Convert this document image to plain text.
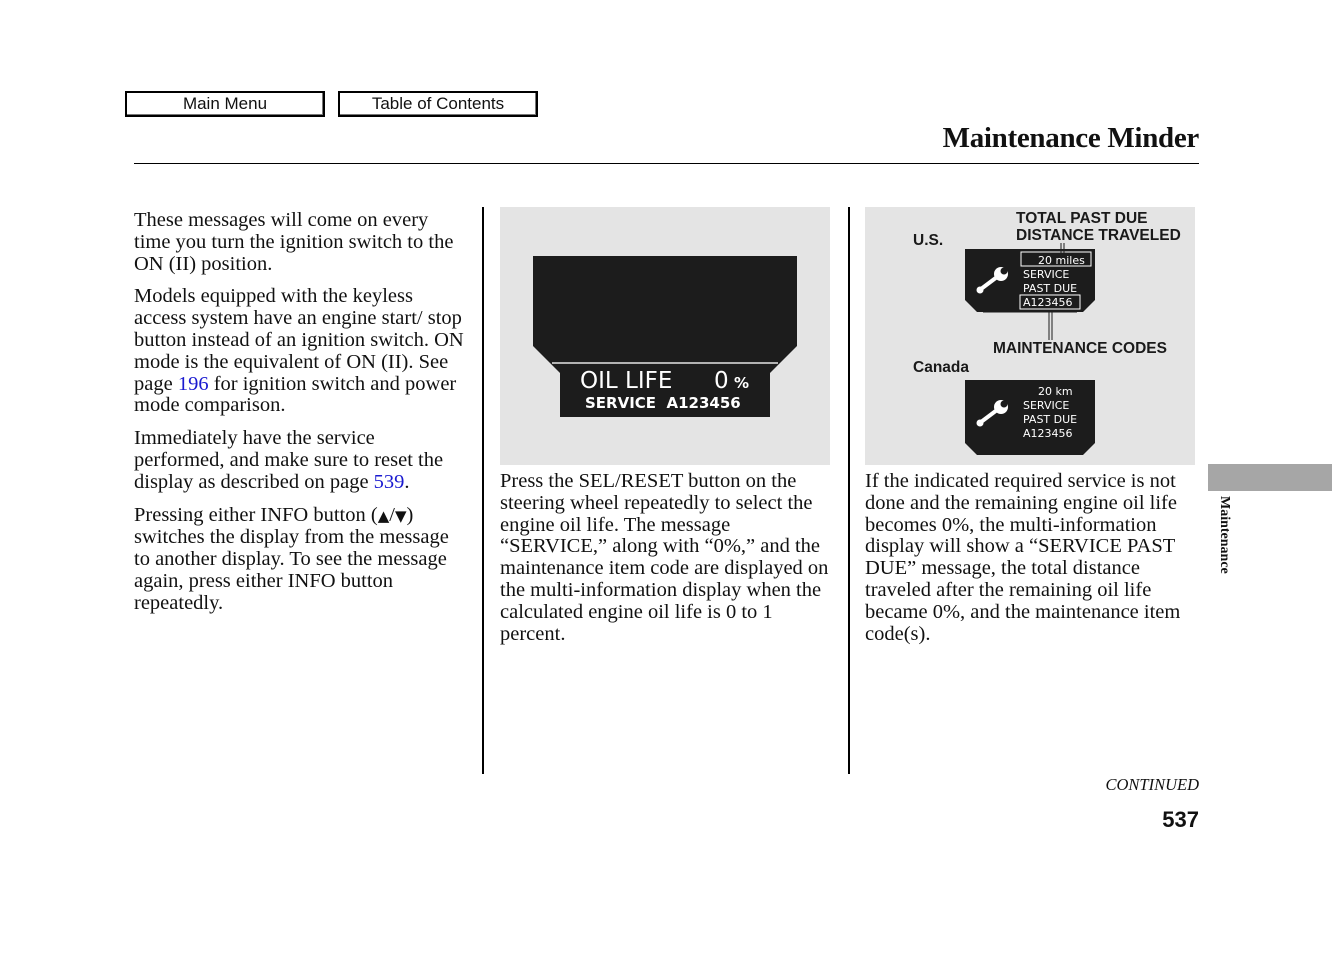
Main Menu	Table of Contents
Maintenance Minder

These messages will come on every time you turn the ignition switch to the ON (II) position.

Models equipped with the keyless access system have an engine start/ stop button instead of an ignition switch. ON mode is the equivalent of ON (II). See page 196 for ignition switch and power mode comparison.

Immediately have the service performed, and make sure to reset the display as described on page 539.

Pressing either INFO button (▲/▼) switches the display from the message to another display. To see the message again, press either INFO button repeatedly.

OIL LIFE 0 %
SERVICE  A123456

Press the SEL/RESET button on the steering wheel repeatedly to select the engine oil life. The message “SERVICE,” along with “0%,” and the maintenance item code are displayed on the multi-information display when the calculated engine oil life is 0 to 1 percent.

TOTAL PAST DUE
DISTANCE TRAVELED
U.S.
MAINTENANCE CODES
Canada
20 miles
SERVICE
PAST DUE
A123456
20 km
SERVICE
PAST DUE
A123456

If the indicated required service is not done and the remaining engine oil life becomes 0%, the multi-information display will show a “SERVICE PAST DUE” message, the total distance traveled after the remaining oil life became 0%, and the maintenance item code(s).

CONTINUED
537
Maintenance
